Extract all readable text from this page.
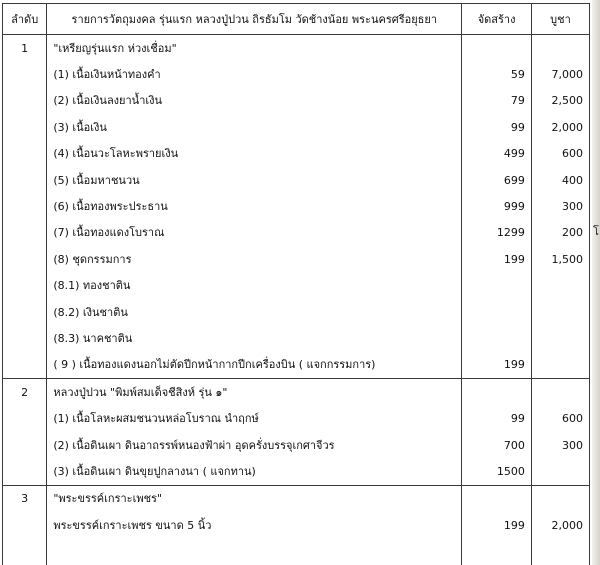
ลำดับ	รายการวัตถุมงคล รุ่นแรก หลวงปู่ปวน ถิรธัมโม วัดช้างน้อย พระนครศรีอยุธยา	จัดสร้าง	บูชา
1	"เหรียญรุ่นแรก ห่วงเชื่อม"		
	(1) เนื้อเงินหน้าทองคำ	59	7,000
	(2) เนื้อเงินลงยาน้ำเงิน	79	2,500
	(3) เนื้อเงิน	99	2,000
	(4) เนื้อนวะโลหะพรายเงิน	499	600
	(5) เนื้อมหาชนวน	699	400
	(6) เนื้อทองพระประธาน	999	300
	(7) เนื้อทองแดงโบราณ	1299	200
	(8) ชุดกรรมการ	199	1,500
	(8.1) ทองชาติน		
	(8.2) เงินชาติน		
	(8.3) นาคชาติน		
	( 9 ) เนื้อทองแดงนอกไม่ตัดปีกหน้ากากปีกเครื่องบิน ( แจกกรรมการ)	199	
2	หลวงปู่ปวน "พิมพ์สมเด็จชีสิงห์ รุ่น ๑"		
	(1) เนื้อโลหะผสมชนวนหล่อโบราณ นำฤกษ์	99	600
	(2) เนื้อดินเผา ดินอาถรรพ์หนองฟ้าผ่า อุดครั่งบรรจุเกศาจีวร	700	300
	(3) เนื้อดินเผา ดินขุยปูกลางนา ( แจกทาน)	1500	
3	"พระขรรค์เกราะเพชร"		
	พระขรรค์เกราะเพชร ขนาด 5 นิ้ว	199	2,000

โ
